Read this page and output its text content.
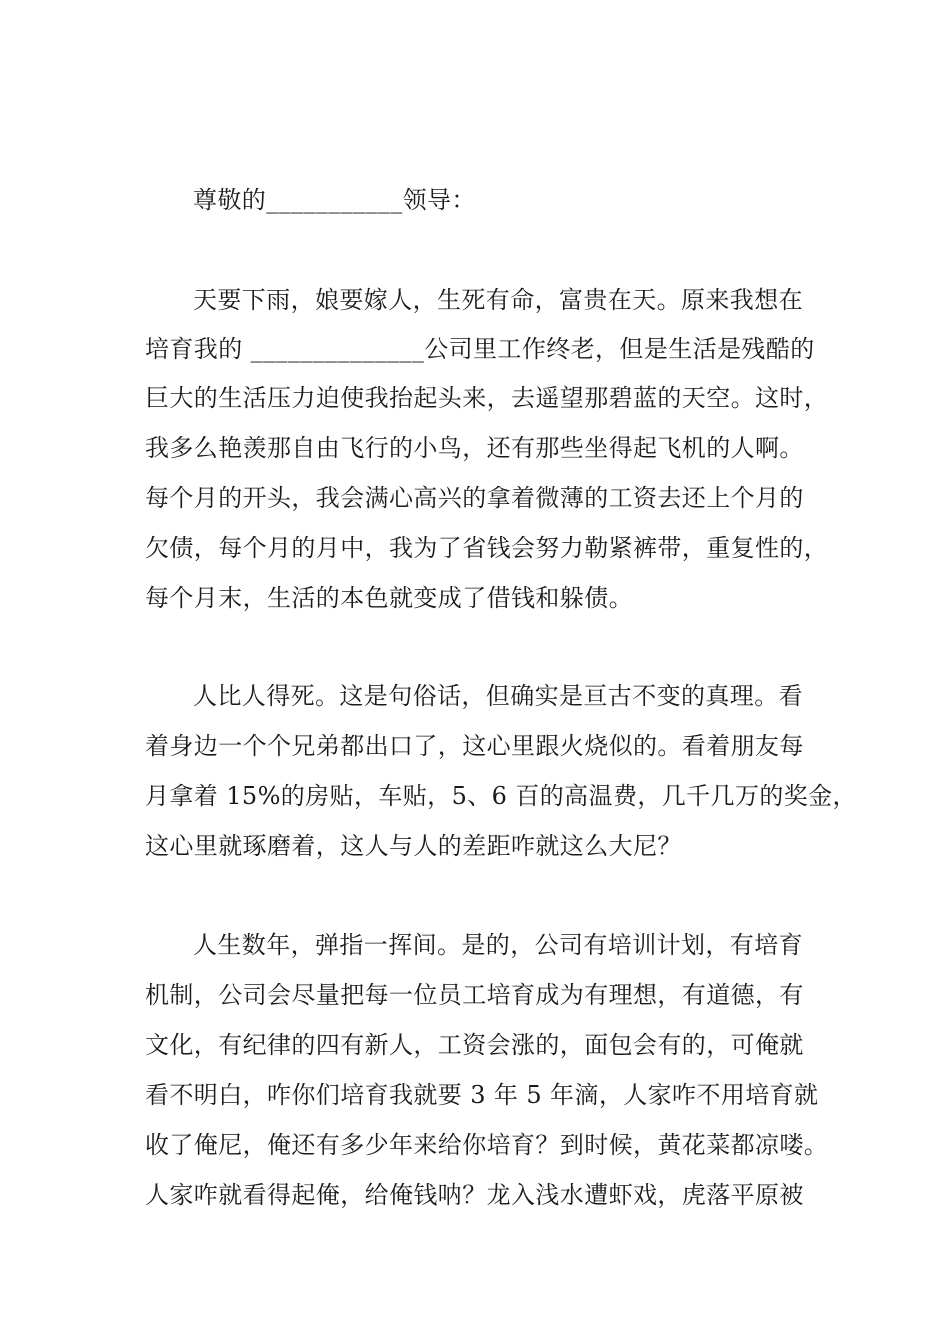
尊敬的___________领导：
天要下雨，娘要嫁人，生死有命，富贵在天。原来我想在
培育我的 ______________公司里工作终老，但是生活是残酷的
巨大的生活压力迫使我抬起头来，去遥望那碧蓝的天空。这时，
我多么艳羡那自由飞行的小鸟，还有那些坐得起飞机的人啊。
每个月的开头，我会满心高兴的拿着微薄的工资去还上个月的
欠债，每个月的月中，我为了省钱会努力勒紧裤带，重复性的，
每个月末，生活的本色就变成了借钱和躲债。
人比人得死。这是句俗话，但确实是亘古不变的真理。看
着身边一个个兄弟都出口了，这心里跟火烧似的。看着朋友每
月拿着 15%的房贴，车贴，5、6 百的高温费，几千几万的奖金，
这心里就琢磨着，这人与人的差距咋就这么大尼？
人生数年，弹指一挥间。是的，公司有培训计划，有培育
机制，公司会尽量把每一位员工培育成为有理想，有道德，有
文化，有纪律的四有新人，工资会涨的，面包会有的，可俺就
看不明白，咋你们培育我就要 3 年 5 年滴，人家咋不用培育就
收了俺尼，俺还有多少年来给你培育？到时候，黄花菜都凉喽。
人家咋就看得起俺，给俺钱呐？龙入浅水遭虾戏，虎落平原被
